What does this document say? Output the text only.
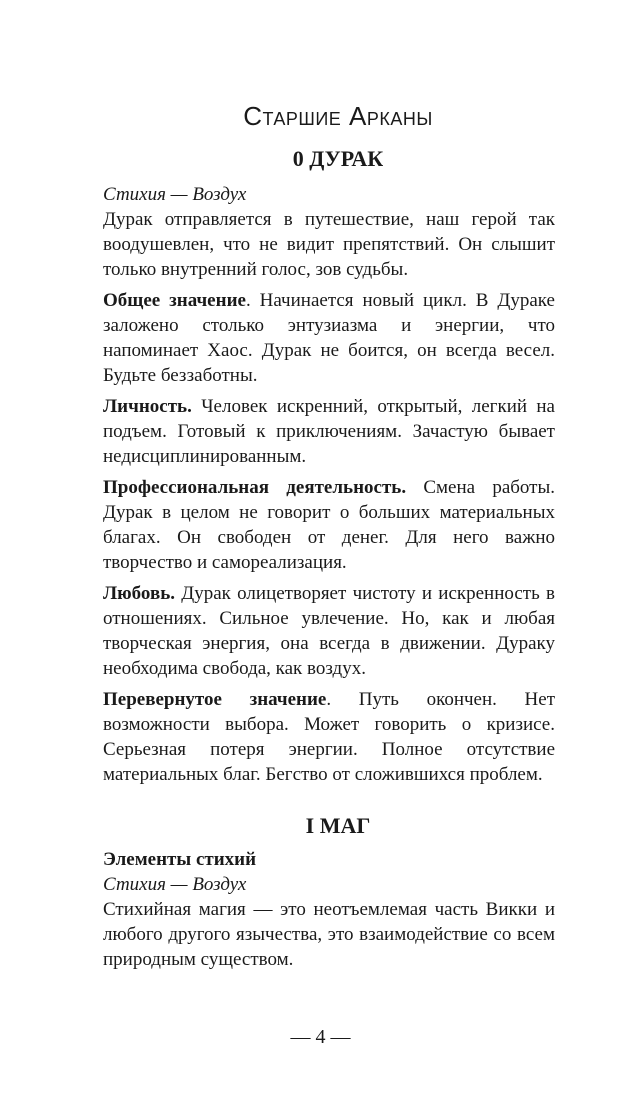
Старшие Арканы
0 ДУРАК

Стихия — Воздух

Дурак отправляется в путешествие, наш герой так воодушевлен, что не видит препятствий. Он слышит только внутренний голос, зов судьбы.

Общее значение. Начинается новый цикл. В Дураке заложено столько энтузиазма и энергии, что напоминает Хаос. Дурак не боится, он всегда весел. Будьте беззаботны.

Личность. Человек искренний, открытый, легкий на подъем. Готовый к приключениям. Зачастую бывает недисциплинированным.

Профессиональная деятельность. Смена работы. Дурак в целом не говорит о больших материальных благах. Он свободен от денег. Для него важно творчество и самореализация.

Любовь. Дурак олицетворяет чистоту и искренность в отношениях. Сильное увлечение. Но, как и любая творческая энергия, она всегда в движении. Дураку необходима свобода, как воздух.

Перевернутое значение. Путь окончен. Нет возможности выбора. Может говорить о кризисе. Серьезная потеря энергии. Полное отсутствие материальных благ. Бегство от сложившихся проблем.

I МАГ

Элементы стихий

Стихия — Воздух

Стихийная магия — это неотъемлемая часть Викки и любого другого язычества, это взаимодействие со всем природным существом.

— 4 —
